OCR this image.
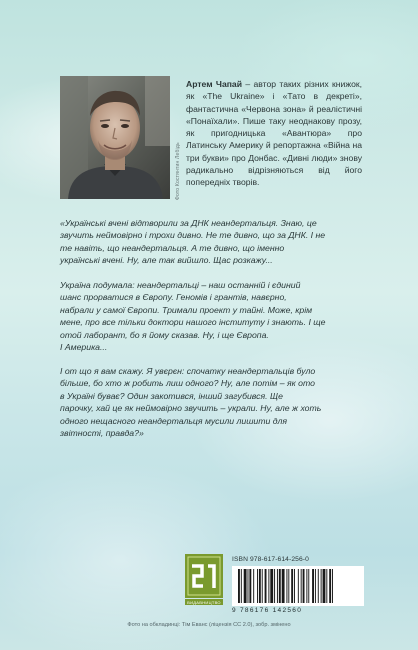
Фото Костянтин Лебідь
Артем Чапай – автор таких різних книжок, як «The Ukraine» і «Тато в декреті», фантастична «Червона зона» й реалістичні «Понаїхали». Пише таку неоднакову прозу, як пригодницька «Авантюра» про Латинську Америку й репортажна «Війна на три букви» про Донбас. «Дивні люди» знову радикально відрізняються від його попередніх творів.
«Українські вчені відтворили за ДНК неандертальця. Знаю, це
звучить неймовірно і трохи дивно. Не те дивно, що за ДНК. І не
те навіть, що неандертальця. А те дивно, що іменно
українські вчені. Ну, але так вийшло. Щас розкажу...
Україна подумала: неандертальці – наш останній і єдиний
шанс прорватися в Європу. Геномів і грантів, навєрно,
набрали у самої Європи. Тримали проект у тайні. Може, крім
мене, про все тільки доктори нашого інституту і знають. І ще
отой лаборант, бо я йому сказав. Ну, і ще Європа.
І Америка...
І от що я вам скажу. Я увєрєн: спочатку неандертальців було
більше, бо хто ж робить лиш одного? Ну, але потім – як ото
в Україні буває? Один закотився, інший загубився. Ще
парочку, хай це як неймовірно звучить – украли. Ну, але ж хоть
одного нещасного неандертальця мусили лишити для
звітності, правда?»
ВИДАВНИЦТВО
ISBN 978-617-614-256-0
9 786176 142560
Фото на обкладинці: Тім Еванс (ліцензія CC 2.0), зобр. змінено
